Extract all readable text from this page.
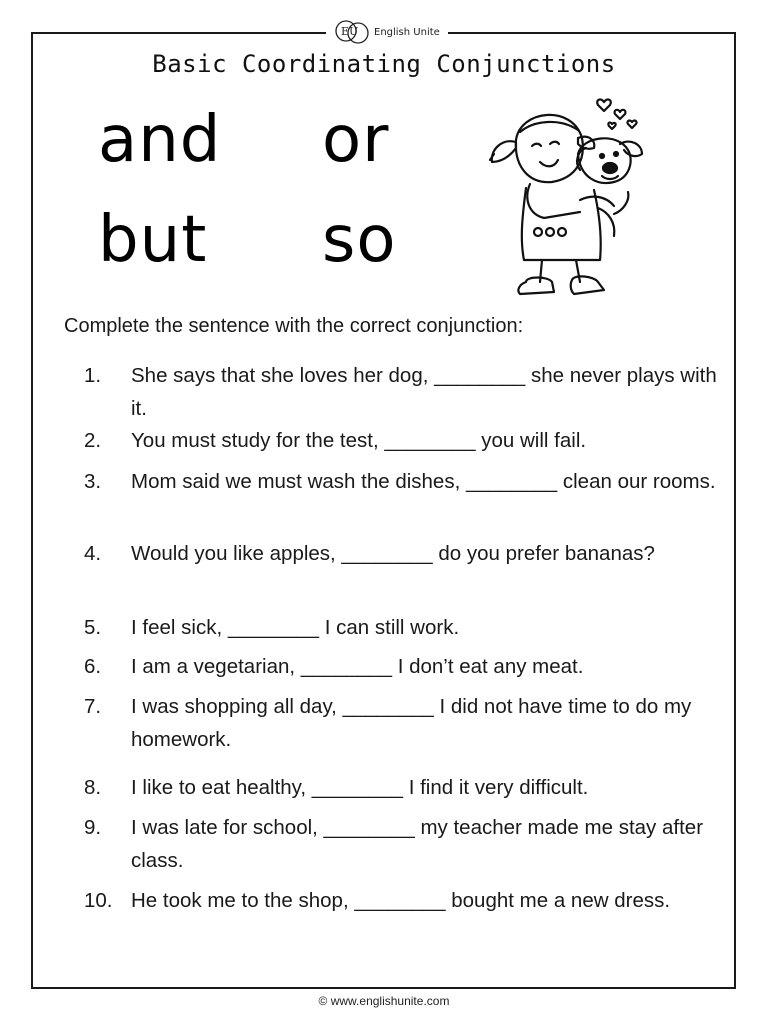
EU English Unite
Basic Coordinating Conjunctions
and or
but so
Complete the sentence with the correct conjunction:
1.	She says that she loves her dog, ________ she never plays with it.
2.	You must study for the test, ________ you will fail.
3.	Mom said we must wash the dishes, ________ clean our rooms.
4.	Would you like apples, ________ do you prefer bananas?
5.	I feel sick, ________ I can still work.
6.	I am a vegetarian, ________ I don’t eat any meat.
7.	I was shopping all day, ________ I did not have time to do my homework.
8.	I like to eat healthy, ________ I find it very difficult.
9.	I was late for school, ________ my teacher made me stay after class.
10. He took me to the shop, ________ bought me a new dress.
© www.englishunite.com
